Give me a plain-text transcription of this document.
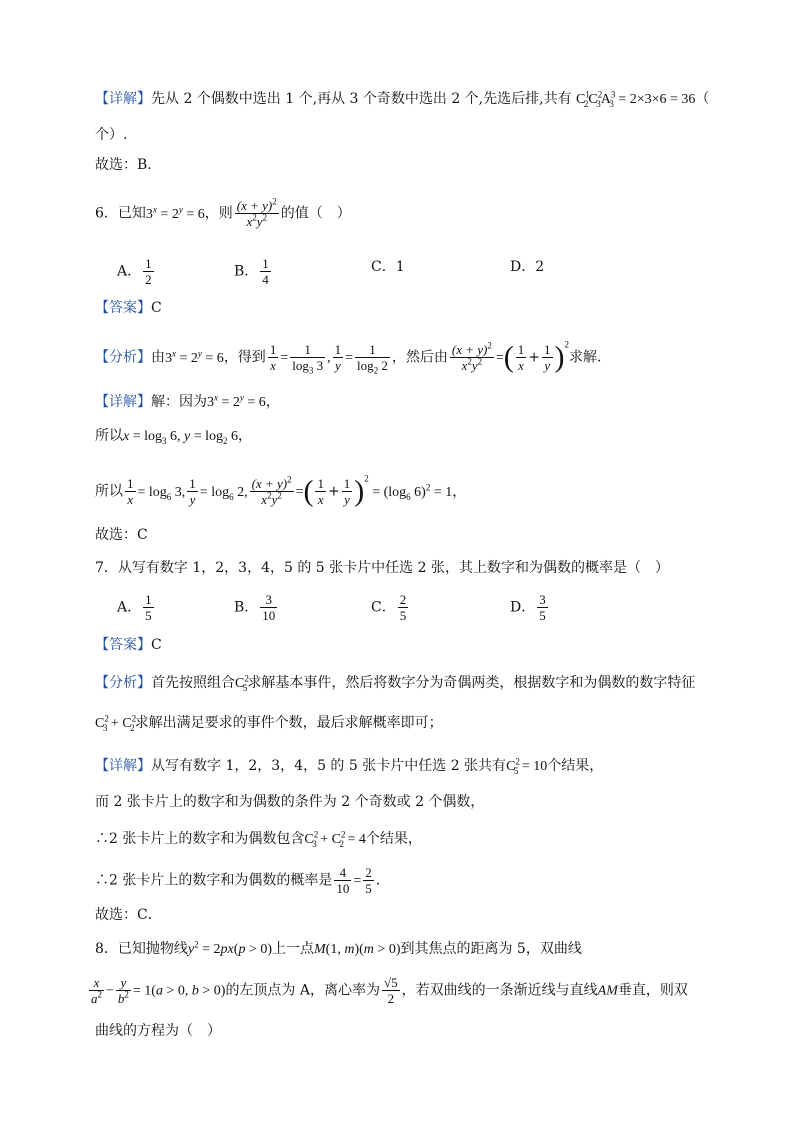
【详解】先从 2 个偶数中选出 1 个,再从 3 个奇数中选出 2 个,先选后排,共有 $C^1_2C^2_3A^3_3 = 2\times 3\times 6 = 36$（
个）.
故选：B.
6．已知$3^x = 2^y = 6$，则 $\frac{(x + y)^2}{x^2y^2}$ 的值（　）
A． $\frac{1}{2}$	B． $\frac{1}{4}$	C．1	D．2
【答案】C
【分析】由$3^x = 2^y = 6$，得到 $\frac{1}{x} = \frac{1}{\log_3 3}$ , $\frac{1}{y} = \frac{1}{\log_2 2}$ ，然后由 $\frac{(x + y)^2}{x^2y^2}$ =( $\frac{1}{x} + \frac{1}{y} )^2$求解.
【详解】解：因为$3^x = 2^y = 6$，
所以$x = \log_3 6$, $y = \log_2 6$，
所以 $\frac{1}{x} = \log_6 3$, $\frac{1}{y} = \log_6 2$, $\frac{(x + y)^2}{x^2y^2}$ =( $\frac{1}{x} + \frac{1}{y} )^2 = (\log_6$ 6)$^2$ = 1，
故选：C
7．从写有数字 1，2，3，4，5 的 5 张卡片中任选 2 张，其上数字和为偶数的概率是（　）
A． $\frac{1}{5}$	B． $\frac{3}{10}$	C． $\frac{2}{5}$	D． $\frac{3}{5}$
【答案】C
【分析】首先按照组合$C^2_5$求解基本事件，然后将数字分为奇偶两类，根据数字和为偶数的数字特征
$C^2_3 + C^2_2$求解出满足要求的事件个数，最后求解概率即可；
【详解】从写有数字 1，2，3，4，5 的 5 张卡片中任选 2 张共有$C^2_5 = 10$个结果，
而 2 张卡片上的数字和为偶数的条件为 2 个奇数或 2 个偶数，
∴2 张卡片上的数字和为偶数包含$C^2_3 + C^2_2 = 4$个结果，
∴2 张卡片上的数字和为偶数的概率是 $\frac{4}{10} = \frac{2}{5}$ .
故选：C．
8．已知抛物线$y^2 = 2px(p > 0)$上一点M(1, m)(m > 0)到其焦点的距离为 5，双曲线
$\frac{x}{a^2} - \frac{y}{b^2} = 1(a > 0$, b > 0)的左顶点为 A，离心率为 $\frac{√5}{2}$ ，若双曲线的一条渐近线与直线AM垂直，则双
曲线的方程为（　）
